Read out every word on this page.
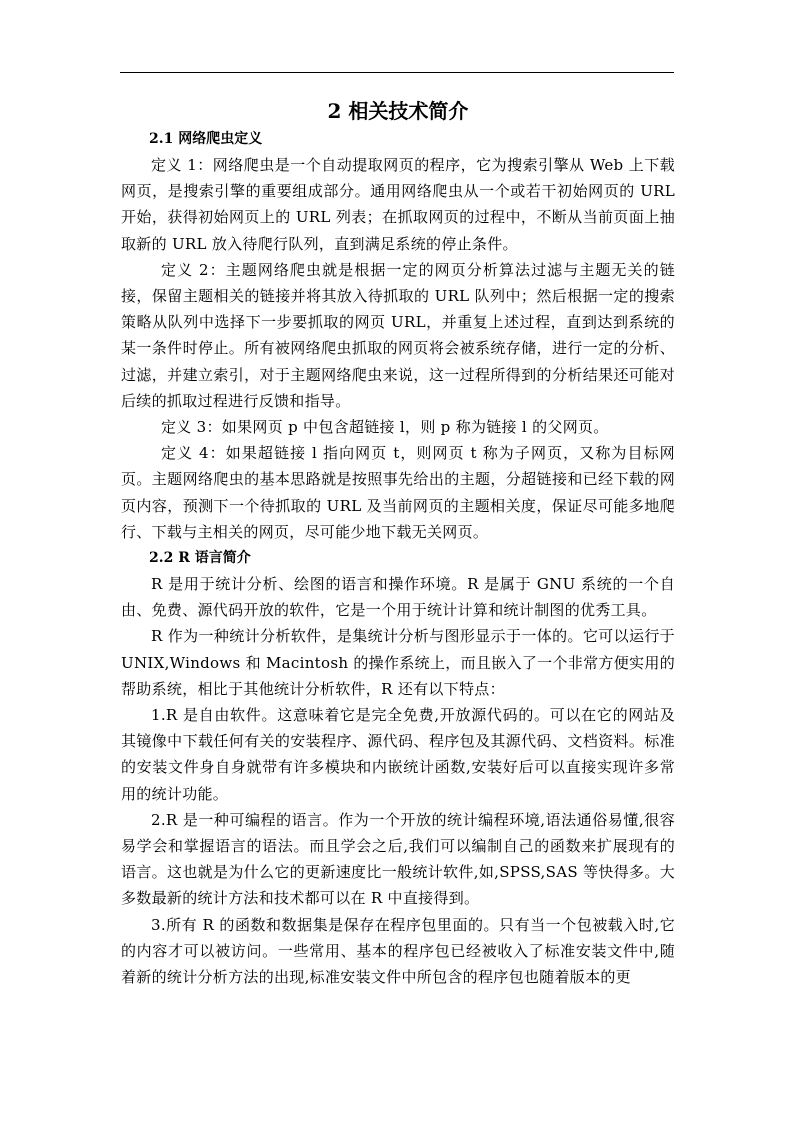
2 相关技术简介
2.1 网络爬虫定义

定义 1：网络爬虫是一个自动提取网页的程序，它为搜索引擎从 Web 上下载网页，是搜索引擎的重要组成部分。通用网络爬虫从一个或若干初始网页的 URL 开始，获得初始网页上的 URL 列表；在抓取网页的过程中，不断从当前页面上抽取新的 URL 放入待爬行队列，直到满足系统的停止条件。

定义 2：主题网络爬虫就是根据一定的网页分析算法过滤与主题无关的链接，保留主题相关的链接并将其放入待抓取的 URL 队列中；然后根据一定的搜索策略从队列中选择下一步要抓取的网页 URL，并重复上述过程，直到达到系统的某一条件时停止。所有被网络爬虫抓取的网页将会被系统存储，进行一定的分析、过滤，并建立索引，对于主题网络爬虫来说，这一过程所得到的分析结果还可能对后续的抓取过程进行反馈和指导。

定义 3：如果网页 p 中包含超链接 l，则 p 称为链接 l 的父网页。

定义 4：如果超链接 l 指向网页 t，则网页 t 称为子网页，又称为目标网页。主题网络爬虫的基本思路就是按照事先给出的主题，分超链接和已经下载的网页内容，预测下一个待抓取的 URL 及当前网页的主题相关度，保证尽可能多地爬行、下载与主相关的网页，尽可能少地下载无关网页。

2.2 R 语言简介

R 是用于统计分析、绘图的语言和操作环境。R 是属于 GNU 系统的一个自由、免费、源代码开放的软件，它是一个用于统计计算和统计制图的优秀工具。

R 作为一种统计分析软件，是集统计分析与图形显示于一体的。它可以运行于 UNIX,Windows 和 Macintosh 的操作系统上，而且嵌入了一个非常方便实用的帮助系统，相比于其他统计分析软件，R 还有以下特点：

1.R 是自由软件。这意味着它是完全免费,开放源代码的。可以在它的网站及其镜像中下载任何有关的安装程序、源代码、程序包及其源代码、文档资料。标准的安装文件身自身就带有许多模块和内嵌统计函数,安装好后可以直接实现许多常用的统计功能。

2.R 是一种可编程的语言。作为一个开放的统计编程环境,语法通俗易懂,很容易学会和掌握语言的语法。而且学会之后,我们可以编制自己的函数来扩展现有的语言。这也就是为什么它的更新速度比一般统计软件,如,SPSS,SAS 等快得多。大多数最新的统计方法和技术都可以在 R 中直接得到。

3.所有 R 的函数和数据集是保存在程序包里面的。只有当一个包被载入时,它的内容才可以被访问。一些常用、基本的程序包已经被收入了标准安装文件中,随着新的统计分析方法的出现,标准安装文件中所包含的程序包也随着版本的更
